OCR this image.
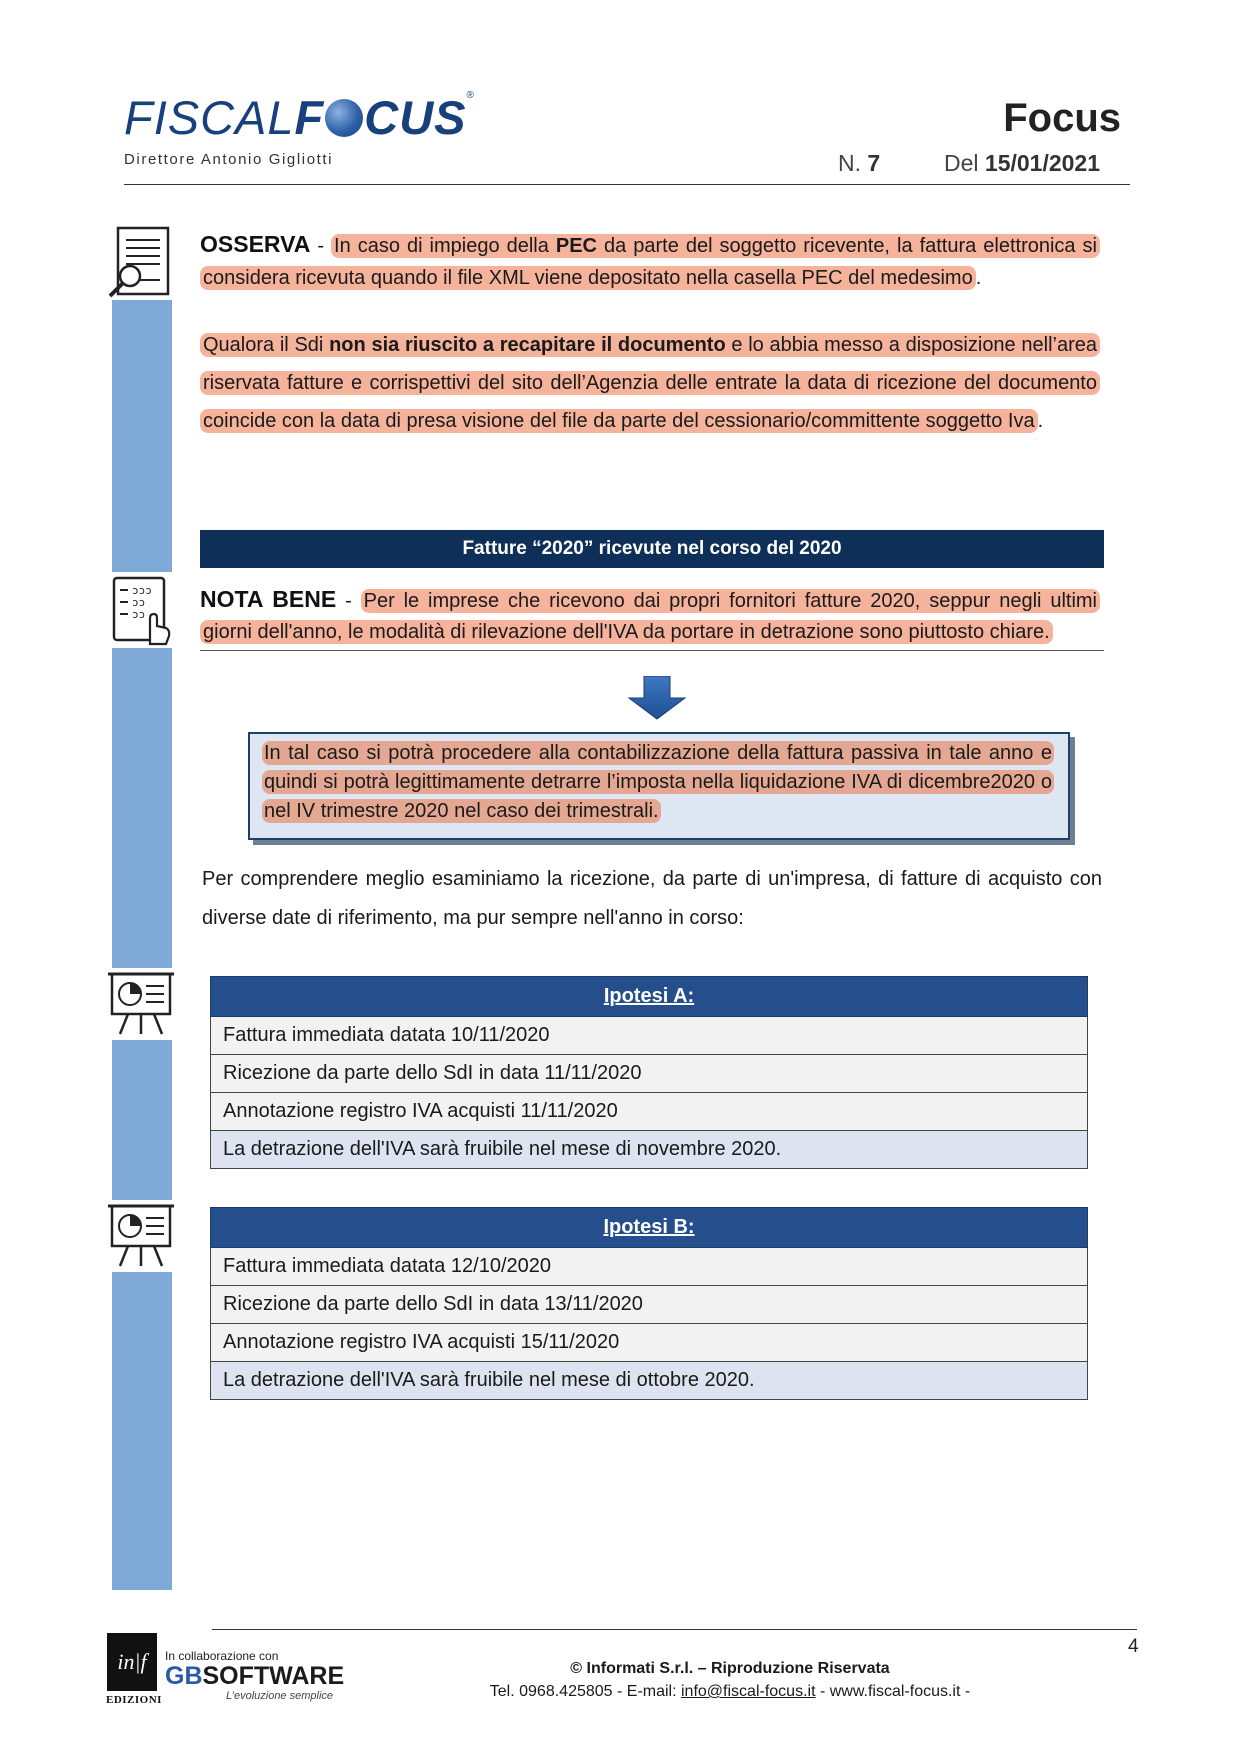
FISCALF CUS®
Direttore Antonio Gigliotti
Focus
N. 7	Del 15/01/2021
ɔɔɔ
ɔɔ
ɔɔ
OSSERVA - In caso di impiego della PEC da parte del soggetto ricevente, la fattura elettronica si considera ricevuta quando il file XML viene depositato nella casella PEC del medesimo .
Qualora il Sdi non sia riuscito a recapitare il documento e lo abbia messo a disposizione nell’area riservata fatture e corrispettivi del sito dell’Agenzia delle entrate la data di ricezione del documento coincide con la data di presa visione del file da parte del cessionario/committente soggetto Iva .
Fatture “2020” ricevute nel corso del 2020
NOTA BENE - Per le imprese che ricevono dai propri fornitori fatture 2020, seppur negli ultimi giorni dell'anno, le modalità di rilevazione dell'IVA da portare in detrazione sono piuttosto chiare.
In tal caso si potrà procedere alla contabilizzazione della fattura passiva in tale anno e quindi si potrà legittimamente detrarre l’imposta nella liquidazione IVA di dicembre2020 o nel IV trimestre 2020 nel caso dei trimestrali.
Per comprendere meglio esaminiamo la ricezione, da parte di un'impresa, di fatture di acquisto con diverse date di riferimento, ma pur sempre nell'anno in corso:
Ipotesi A:
Fattura immediata datata 10/11/2020
Ricezione da parte dello SdI in data 11/11/2020
Annotazione registro IVA acquisti 11/11/2020
La detrazione dell'IVA sarà fruibile nel mese di novembre 2020.
Ipotesi B:
Fattura immediata datata 12/10/2020
Ricezione da parte dello SdI in data 13/11/2020
Annotazione registro IVA acquisti 15/11/2020
La detrazione dell'IVA sarà fruibile nel mese di ottobre 2020.
4
in|f
EDIZIONI
In collaborazione con
GBSOFTWARE
L’evoluzione semplice
© Informati S.r.l. – Riproduzione Riservata
Tel. 0968.425805 - E-mail: info@fiscal-focus.it - www.fiscal-focus.it -
